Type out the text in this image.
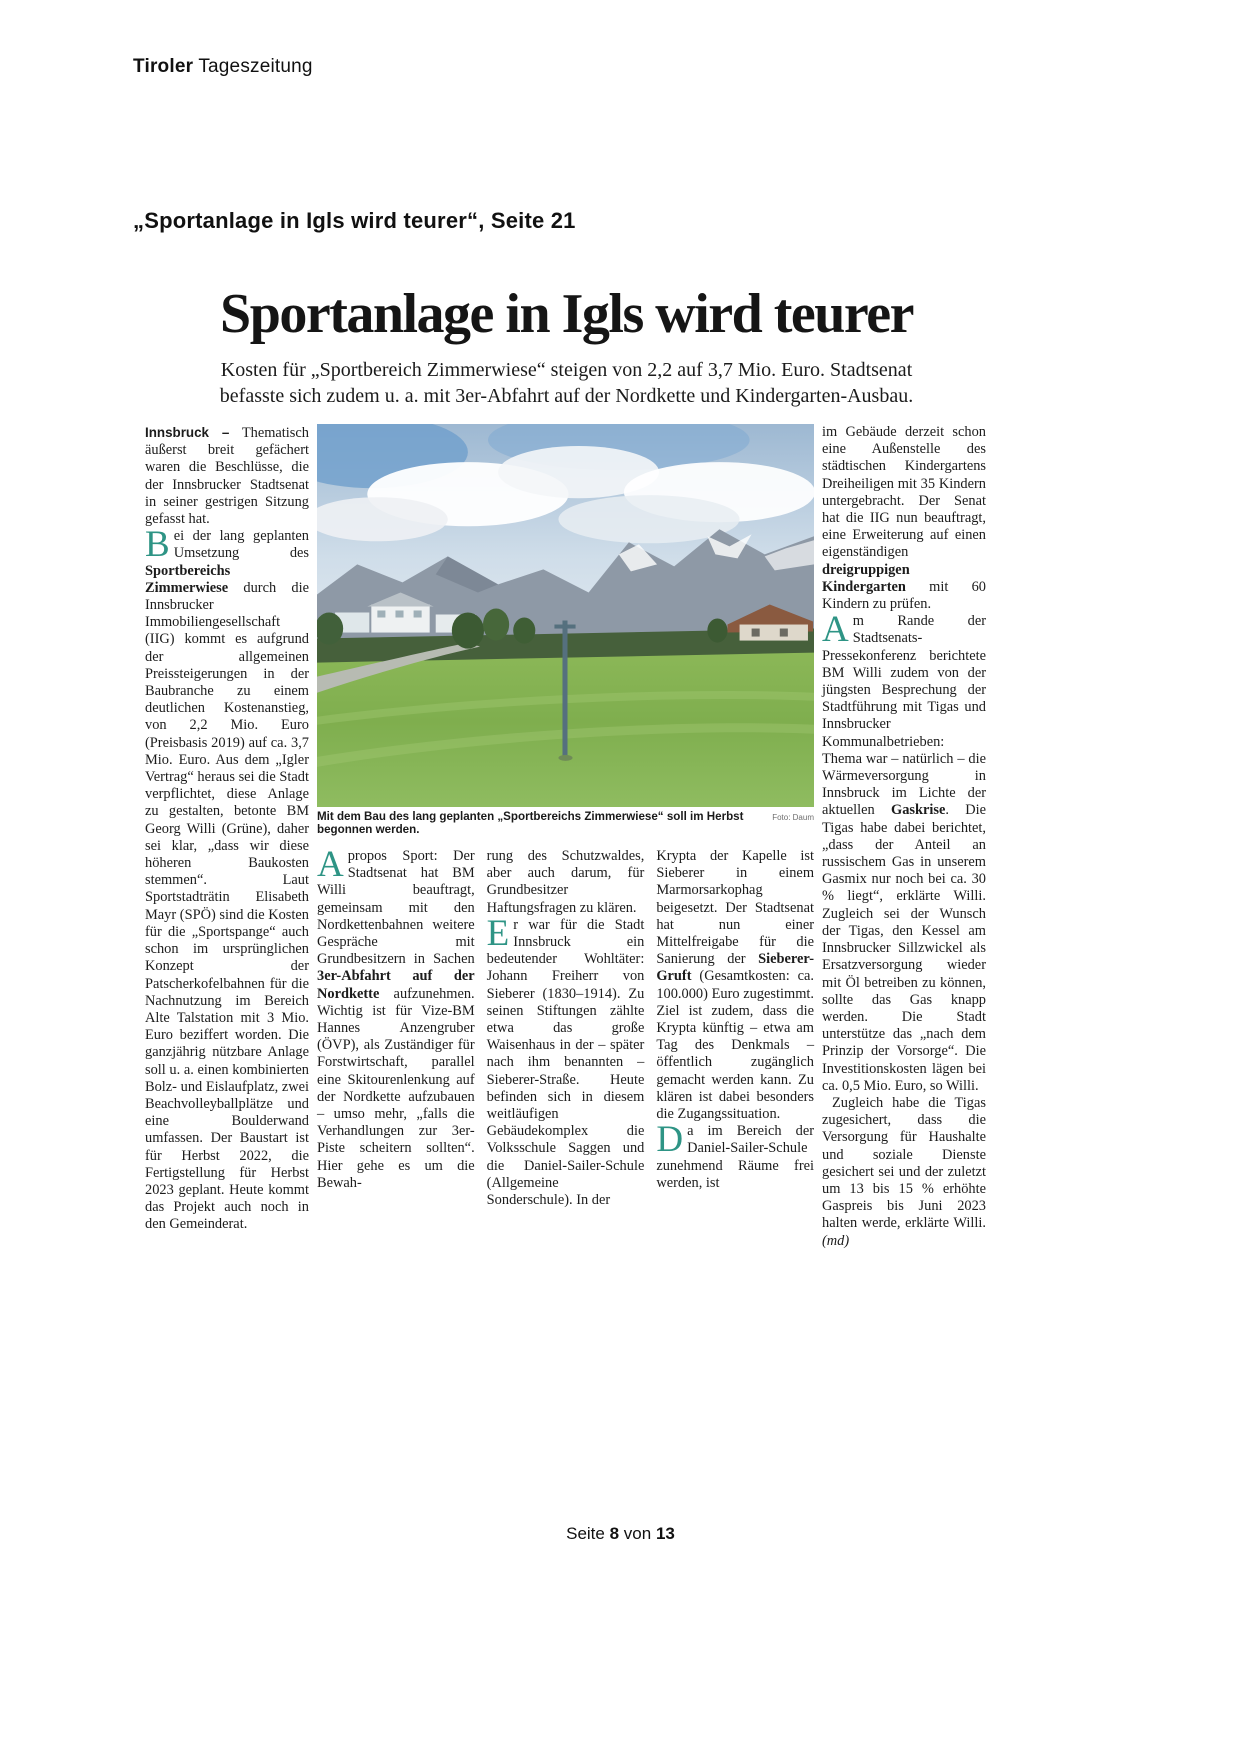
Tiroler Tageszeitung
„Sportanlage in Igls wird teurer“, Seite 21
Sportanlage in Igls wird teurer
Kosten für „Sportbereich Zimmerwiese“ steigen von 2,2 auf 3,7 Mio. Euro. Stadtsenat
befasste sich zudem u. a. mit 3er-Abfahrt auf der Nordkette und Kindergarten-Ausbau.

Innsbruck – Thematisch äußerst breit gefächert waren die Beschlüsse, die der Innsbrucker Stadtsenat in seiner gestrigen Sitzung gefasst hat.

Bei der lang geplanten Umsetzung des Sportbereichs Zimmerwiese durch die Innsbrucker Immobiliengesellschaft (IIG) kommt es aufgrund der allgemeinen Preissteigerungen in der Baubranche zu einem deutlichen Kostenanstieg, von 2,2 Mio. Euro (Preisbasis 2019) auf ca. 3,7 Mio. Euro. Aus dem „Igler Vertrag“ heraus sei die Stadt verpflichtet, diese Anlage zu gestalten, betonte BM Georg Willi (Grüne), daher sei klar, „dass wir diese höheren Baukosten stemmen“. Laut Sportstadträtin Elisabeth Mayr (SPÖ) sind die Kosten für die „Sportspange“ auch schon im ursprünglichen Konzept der Patscherkofelbahnen für die Nachnutzung im Bereich Alte Talstation mit 3 Mio. Euro beziffert worden. Die ganzjährig nützbare Anlage soll u. a. einen kombinierten Bolz- und Eislaufplatz, zwei Beachvolleyballplätze und eine Boulderwand umfassen. Der Baustart ist für Herbst 2022, die Fertigstellung für Herbst 2023 geplant. Heute kommt das Projekt auch noch in den Gemeinderat.

Mit dem Bau des lang geplanten „Sportbereichs Zimmerwiese“ soll im Herbst begonnen werden.
Foto: Daum

Apropos Sport: Der Stadtsenat hat BM Willi beauftragt, gemeinsam mit den Nordkettenbahnen weitere Gespräche mit Grundbesitzern in Sachen 3er-Abfahrt auf der Nordkette aufzunehmen. Wichtig ist für Vize-BM Hannes Anzengruber (ÖVP), als Zuständiger für Forstwirtschaft, parallel eine Skitourenlenkung auf der Nordkette aufzubauen – umso mehr, „falls die Verhandlungen zur 3er-Piste scheitern sollten“. Hier gehe es um die Bewah-

rung des Schutzwaldes, aber auch darum, für Grundbesitzer Haftungsfragen zu klären.

Er war für die Stadt Innsbruck ein bedeutender Wohltäter: Johann Freiherr von Sieberer (1830–1914). Zu seinen Stiftungen zählte etwa das große Waisenhaus in der – später nach ihm benannten – Sieberer-Straße. Heute befinden sich in diesem weitläufigen Gebäudekomplex die Volksschule Saggen und die Daniel-Sailer-Schule (Allgemeine Sonderschule). In der

Krypta der Kapelle ist Sieberer in einem Marmorsarkophag beigesetzt. Der Stadtsenat hat nun einer Mittelfreigabe für die Sanierung der Sieberer-Gruft (Gesamtkosten: ca. 100.000) Euro zugestimmt. Ziel ist zudem, dass die Krypta künftig – etwa am Tag des Denkmals – öffentlich zugänglich gemacht werden kann. Zu klären ist dabei besonders die Zugangssituation.

Da im Bereich der Daniel-Sailer-Schule zunehmend Räume frei werden, ist

im Gebäude derzeit schon eine Außenstelle des städtischen Kindergartens Dreiheiligen mit 35 Kindern untergebracht. Der Senat hat die IIG nun beauftragt, eine Erweiterung auf einen eigenständigen dreigruppigen Kindergarten mit 60 Kindern zu prüfen.

Am Rande der Stadtsenats-Pressekonferenz berichtete BM Willi zudem von der jüngsten Besprechung der Stadtführung mit Tigas und Innsbrucker Kommunalbetrieben: Thema war – natürlich – die Wärmeversorgung in Innsbruck im Lichte der aktuellen Gaskrise. Die Tigas habe dabei berichtet, „dass der Anteil an russischem Gas in unserem Gasmix nur noch bei ca. 30 % liegt“, erklärte Willi. Zugleich sei der Wunsch der Tigas, den Kessel am Innsbrucker Sillzwickel als Ersatzversorgung wieder mit Öl betreiben zu können, sollte das Gas knapp werden. Die Stadt unterstütze das „nach dem Prinzip der Vorsorge“. Die Investitionskosten lägen bei ca. 0,5 Mio. Euro, so Willi.

Zugleich habe die Tigas zugesichert, dass die Versorgung für Haushalte und soziale Dienste gesichert sei und der zuletzt um 13 bis 15 % erhöhte Gaspreis bis Juni 2023 halten werde, erklärte Willi. (md)

Seite 8 von 13
